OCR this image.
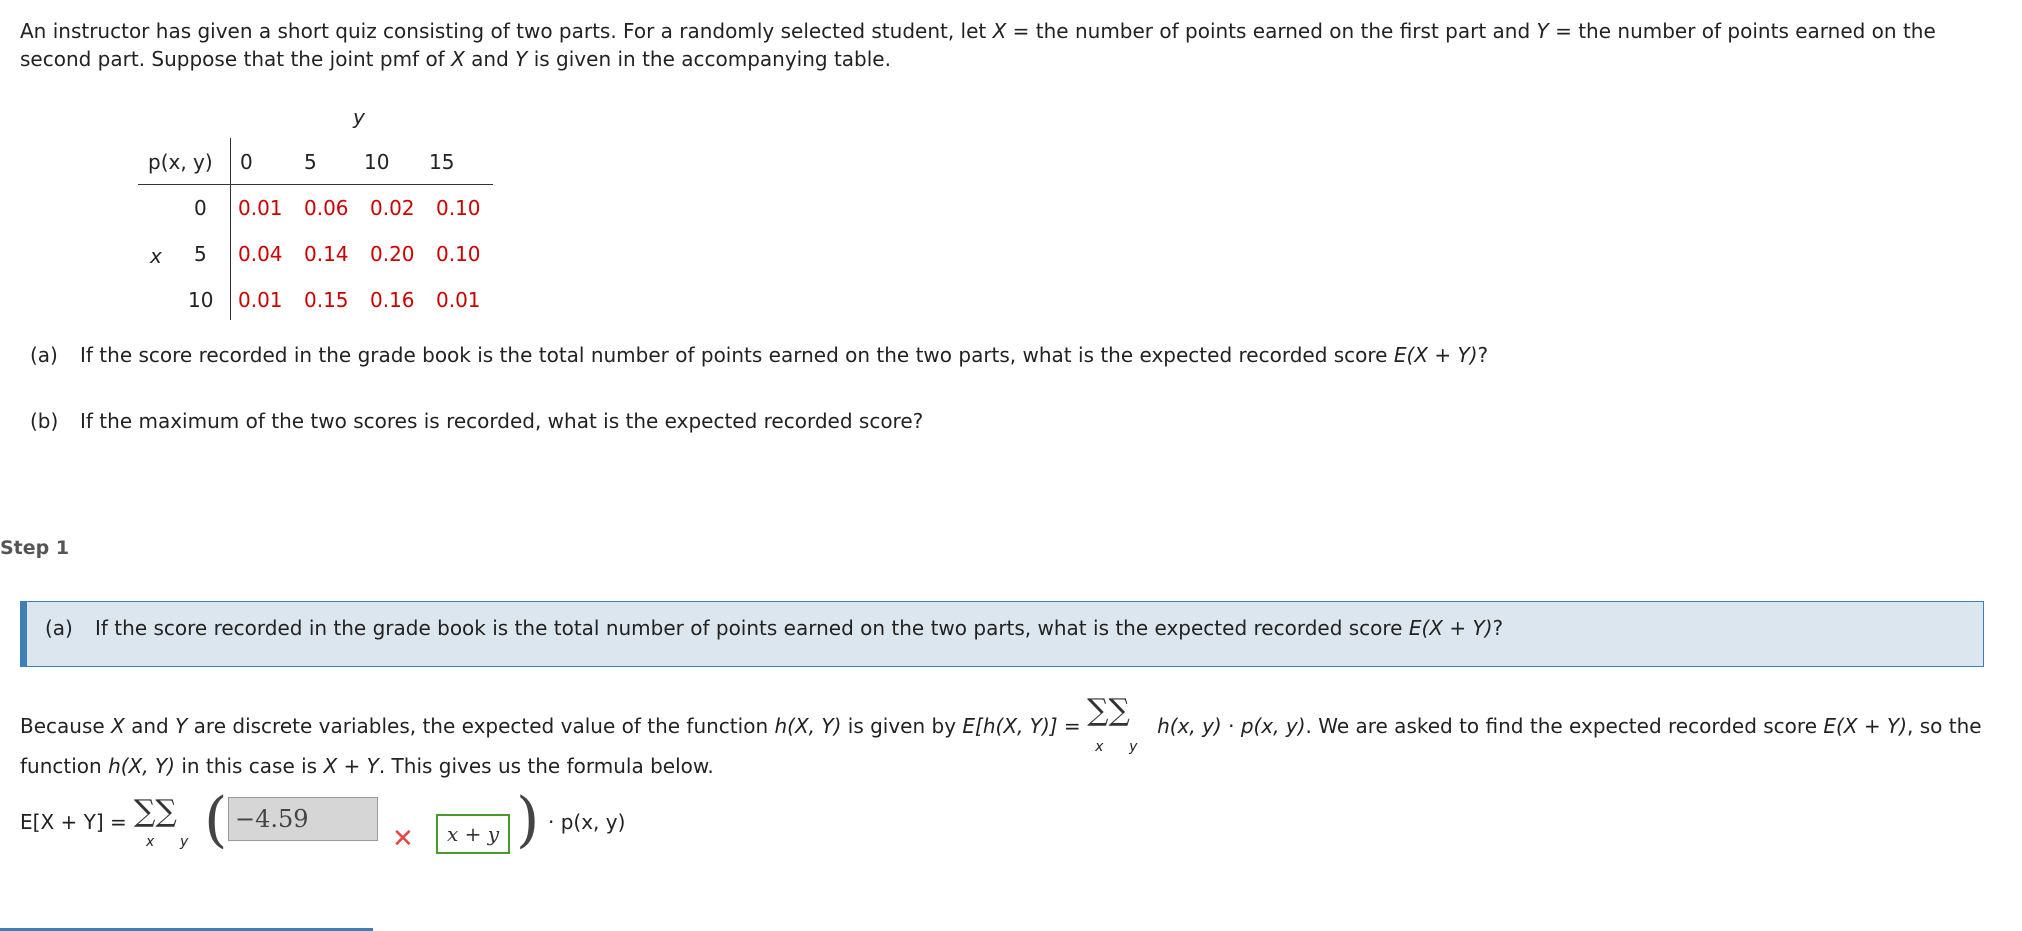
An instructor has given a short quiz consisting of two parts. For a randomly selected student, let X = the number of points earned on the first part and Y = the number of points earned on the
second part. Suppose that the joint pmf of X and Y is given in the accompanying table.
y
p(x, y) 0	5 10 15
x
0 0.01 0.06 0.02 0.10
5 0.04 0.14 0.20 0.10
10 0.01 0.15 0.16 0.01
(a) If the score recorded in the grade book is the total number of points earned on the two parts, what is the expected recorded score E(X + Y)?
(b) If the maximum of the two scores is recorded, what is the expected recorded score?
Step 1
(a) If the score recorded in the grade book is the total number of points earned on the two parts, what is the expected recorded score E(X + Y)?
Because X and Y are discrete variables, the expected value of the function h(X, Y) is given by E[h(X, Y)] = ∑∑
x y
h(x, y) · p(x, y). We are asked to find the expected recorded score E(X + Y), so the
function h(X, Y) in this case is X + Y. This gives us the formula below.
E[X + Y] = ∑∑
x y ( −4.59
✕	x + y ) · p(x, y)
